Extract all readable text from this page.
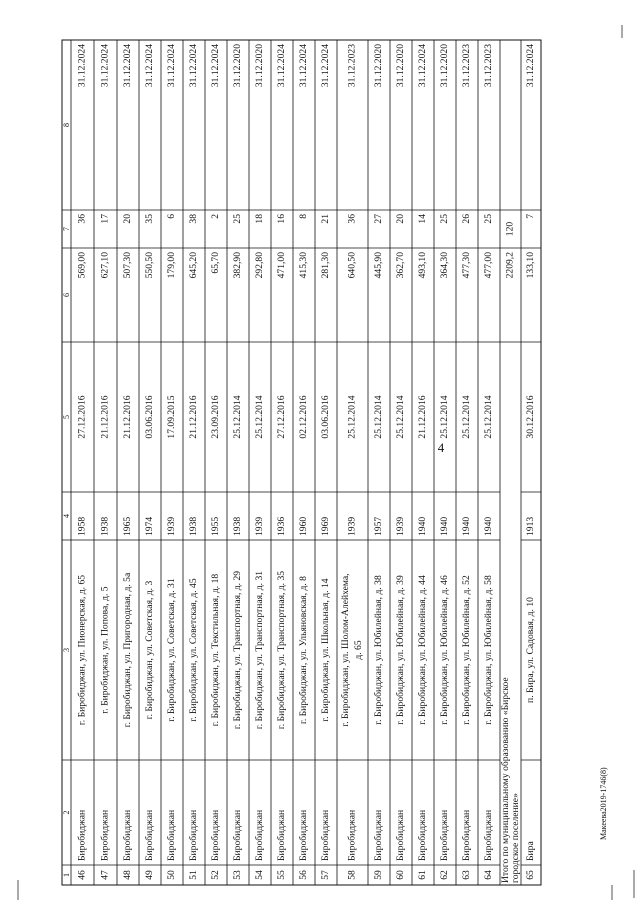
4
Макеева2019-1746(8)
1
2
3
4
5
6
7
8
г. Биробиджан, ул. Пионерская, д. 65
46
Биробиджан
1958
27.12.2016
569,00
36
31.12.2024
г. Биробиджан, ул. Попова, д. 5
47
Биробиджан
1938
21.12.2016
627,10
17
31.12.2024
г. Биробиджан, ул. Пригородная, д. 5а
48
Биробиджан
1965
21.12.2016
507,30
20
31.12.2024
г. Биробиджан, ул. Советская, д. 3
49
Биробиджан
1974
03.06.2016
550,50
35
31.12.2024
г. Биробиджан, ул. Советская, д. 31
50
Биробиджан
1939
17.09.2015
179,00
6
31.12.2024
г. Биробиджан, ул. Советская, д. 45
51
Биробиджан
1938
21.12.2016
645,20
38
31.12.2024
г. Биробиджан, ул. Текстильная, д. 18
52
Биробиджан
1955
23.09.2016
65,70
2
31.12.2024
г. Биробиджан, ул. Транспортная, д. 29
53
Биробиджан
1938
25.12.2014
382,90
25
31.12.2020
г. Биробиджан, ул. Транспортная, д. 31
54
Биробиджан
1939
25.12.2014
292,80
18
31.12.2020
г. Биробиджан, ул. Транспортная, д. 35
55
Биробиджан
1936
27.12.2016
471,00
16
31.12.2024
г. Биробиджан, ул. Ульяновская, д. 8
56
Биробиджан
1960
02.12.2016
415,30
8
31.12.2024
г. Биробиджан, ул. Школьная, д. 14
57
Биробиджан
1969
03.06.2016
281,30
21
31.12.2024
г. Биробиджан, ул. Шолом-Алейхема, д. 65
58
Биробиджан
1939
25.12.2014
640,50
36
31.12.2023
г. Биробиджан, ул. Юбилейная, д. 38
59
Биробиджан
1957
25.12.2014
445,90
27
31.12.2020
г. Биробиджан, ул. Юбилейная, д. 39
60
Биробиджан
1939
25.12.2014
362,70
20
31.12.2020
г. Биробиджан, ул. Юбилейная, д. 44
61
Биробиджан
1940
21.12.2016
493,10
14
31.12.2024
г. Биробиджан, ул. Юбилейная, д. 46
62
Биробиджан
1940
25.12.2014
364,30
25
31.12.2020
г. Биробиджан, ул. Юбилейная, д. 52
63
Биробиджан
1940
25.12.2014
477,30
26
31.12.2023
г. Биробиджан, ул. Юбилейная, д. 58
64
Биробиджан
1940
25.12.2014
477,00
25
31.12.2023
Итого по муниципальному образованию «Бирское городское поселение»
2209,2
120
п. Бира, ул. Садовая, д. 10
65
Бира
1913
30.12.2016
133,10
7
31.12.2024
